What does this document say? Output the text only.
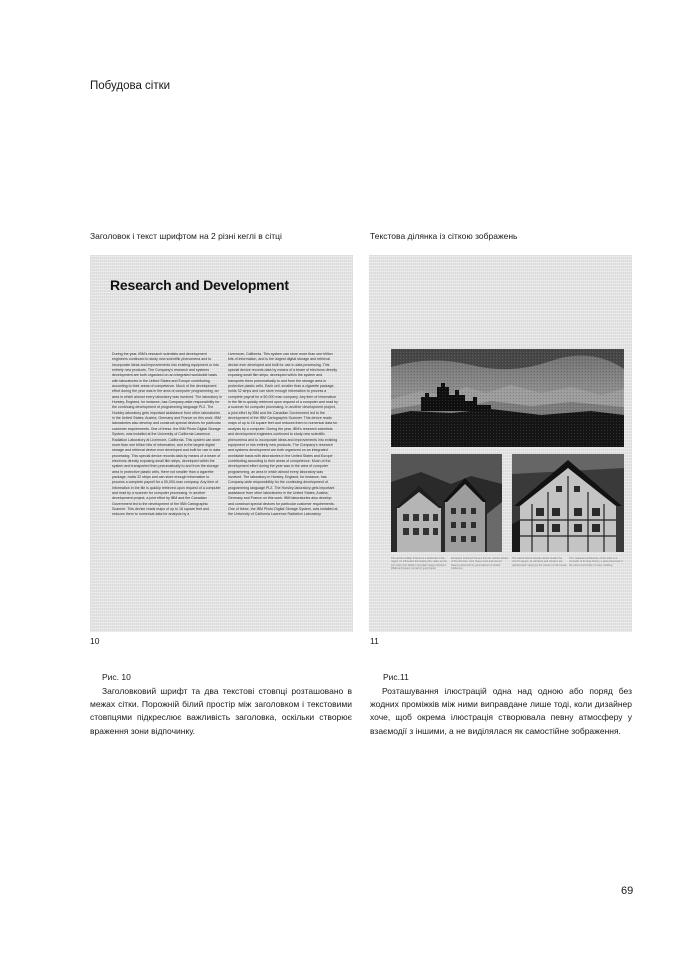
Побудова сітки
Заголовок і текст шрифтом на 2 різні кеглі в сітці	Текстова ділянка із сіткою зображень
Research and Development
During the year, IBM's research scientists and development engineers continued to study new scientific phenomena and to incorporate ideas and improvements into existing equipment or into entirely new products. The Company's research and systems development are both organized on an integrated worldwide basis with laboratories in the United States and Europe contributing according to their areas of competence. Much of the development effort during the year was in the area of computer programming, an area in which almost every laboratory was involved. The laboratory in Hursley, England, for instance, has Company-wide responsibility for the continuing development of programming language PL/I. The Hursley laboratory gets important assistance from other laboratories in the United States, Austria, Germany and France on this work. IBM laboratories also develop and construct special devices for particular customer requirements. One of these, the IBM Photo Digital Storage System, was installed at the University of California Lawrence Radiation Laboratory at Livermore, California. This system can store more than one trillion bits of information, and is the largest digital storage and retrieval device ever developed and built for use in data processing. This special device records data by means of a beam of electrons directly exposing small film strips, developed within the system and transported then pneumatically to and from the storage area in protective plastic cells, there not smaller than a cigarette package, holds 32 strips and can store enough information to process a complete payroll for a 50,000-man company. Any item of information in the file is quickly retrieved upon request of a computer and read by a scanner for computer processing. In another development project, a joint effort by IBM and the Canadian Government led to the development of the IBM Cartographic Scanner. This device reads maps of up to 16 square feet and reduces them to numerical data for analysis by a
Livermore, California. This system can store more than one trillion bits of information, and is the largest digital storage and retrieval device ever developed and built for use in data processing. This special device records data by means of a beam of electrons directly exposing small film strips, developed within the system and transports them pneumatically to and from the storage area in protective plastic cells. Each cell, smaller than a cigarette package, holds 32 strips and can store enough information to process a complete payroll for a 50,000 man company. Any item of information in the file is quickly retrieved upon request of a computer and read by a scanner for computer processing. In another development project, a joint effort by IBM and the Canadian Government led to the development of the IBM Cartographic Scanner. This device reads maps of up to 16 square feet and reduces them to numerical data for analysis by a computer. During the year, IBM's research scientists and development engineers continued to study new scientific phenomena and to incorporate ideas and improvements into existing equipment or into entirely new products. The Company's research and systems development are both organized on an integrated worldwide basis with laboratories in the United States and Europe contributing according to their areas of competence. Much of the development effort during the year was in the area of computer programming, an area in which almost every laboratory was involved. The laboratory in Hursley, England, for instance, has Company-wide responsibility for the continuing development of programming language PL/I. The Hursley laboratory gets important assistance from other laboratories in the United States, Austria, Germany and France on this work. IBM laboratories also develop and construct special devices for particular customer requirements. One of these, the IBM Photo Digital Storage System, was installed at the University of California Lawrence Radiation Laboratory
The ancient hilltop fortress is a landmark of the region, its silhouette dominating the valley as the sun rises over distant mountain ranges behind it. Walls and towers remain in good repair.
European timbered houses line the narrow streets of the old town, their steep roofs and carved beams preserved by generations of careful craftsmen.
The half-timbered facade stands beside the church square; its windows and shutters are painted each spring by the owners of the house.
The medieval architecture of the town is a reminder of its long history, a past preserved in the stone and timber of every building.
10	11
Рис. 10	Рис.11
Заголовковий шрифт та два текстові стовпці розташовано в межах сітки. Порожній білий простір між заголовком і текстовими стовпцями підкреслює важливість заголовка, оскільки створює враження зони відпочинку.
Розташування ілюстрацій одна над одною або поряд без жодних проміжків між ними виправдане лише тоді, коли дизайнер хоче, щоб окрема ілюстрація створювала певну атмосферу у взаємодії з іншими, а не виділялася як самостійне зображення.
69
